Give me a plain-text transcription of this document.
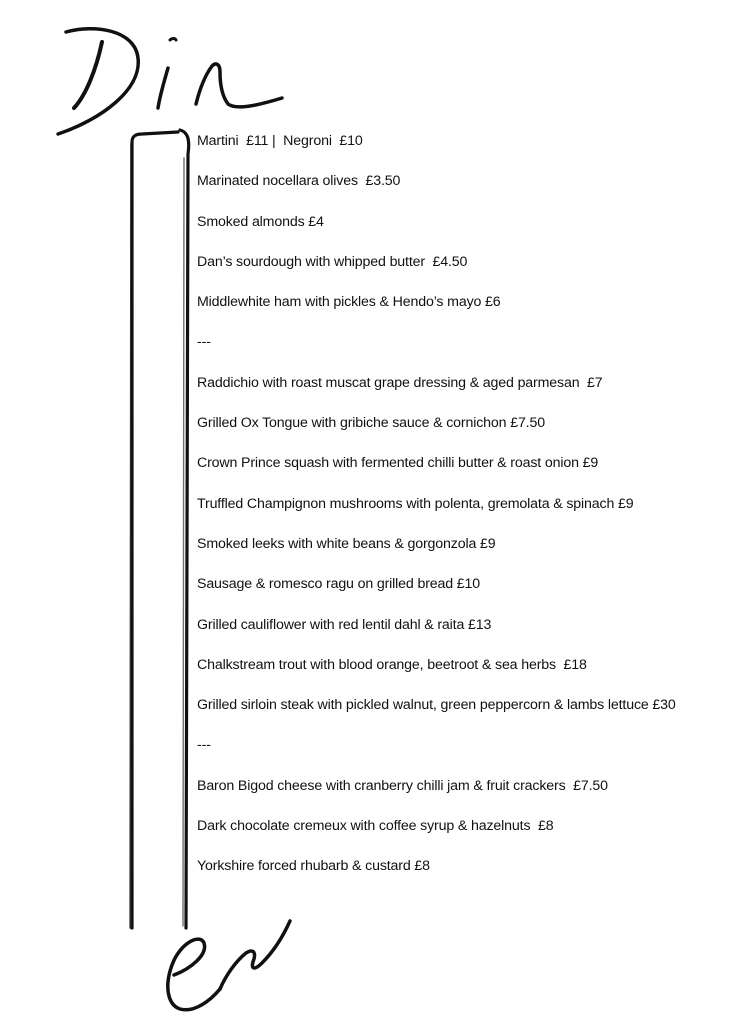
Martini  £11 |  Negroni  £10
Marinated nocellara olives  £3.50
Smoked almonds £4
Dan’s sourdough with whipped butter  £4.50
Middlewhite ham with pickles & Hendo’s mayo £6
---
Raddichio with roast muscat grape dressing & aged parmesan  £7
Grilled Ox Tongue with gribiche sauce & cornichon £7.50
Crown Prince squash with fermented chilli butter & roast onion £9
Truffled Champignon mushrooms with polenta, gremolata & spinach £9
Smoked leeks with white beans & gorgonzola £9
Sausage & romesco ragu on grilled bread £10
Grilled cauliflower with red lentil dahl & raita £13
Chalkstream trout with blood orange, beetroot & sea herbs  £18
Grilled sirloin steak with pickled walnut, green peppercorn & lambs lettuce £30
---
Baron Bigod cheese with cranberry chilli jam & fruit crackers  £7.50
Dark chocolate cremeux with coffee syrup & hazelnuts  £8
Yorkshire forced rhubarb & custard £8
